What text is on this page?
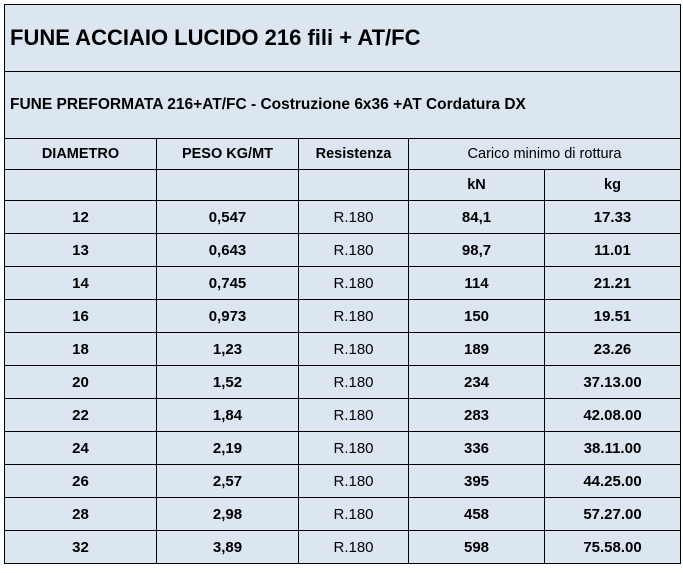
FUNE ACCIAIO LUCIDO 216 fili + AT/FC				
FUNE PREFORMATA 216+AT/FC - Costruzione 6x36 +AT Cordatura DX				
DIAMETRO	PESO KG/MT	Resistenza	Carico minimo di rottura	
			kN	kg
12	0,547	R.180	84,1	17.33
13	0,643	R.180	98,7	11.01
14	0,745	R.180	114	21.21
16	0,973	R.180	150	19.51
18	1,23	R.180	189	23.26
20	1,52	R.180	234	37.13.00
22	1,84	R.180	283	42.08.00
24	2,19	R.180	336	38.11.00
26	2,57	R.180	395	44.25.00
28	2,98	R.180	458	57.27.00
32	3,89	R.180	598	75.58.00
